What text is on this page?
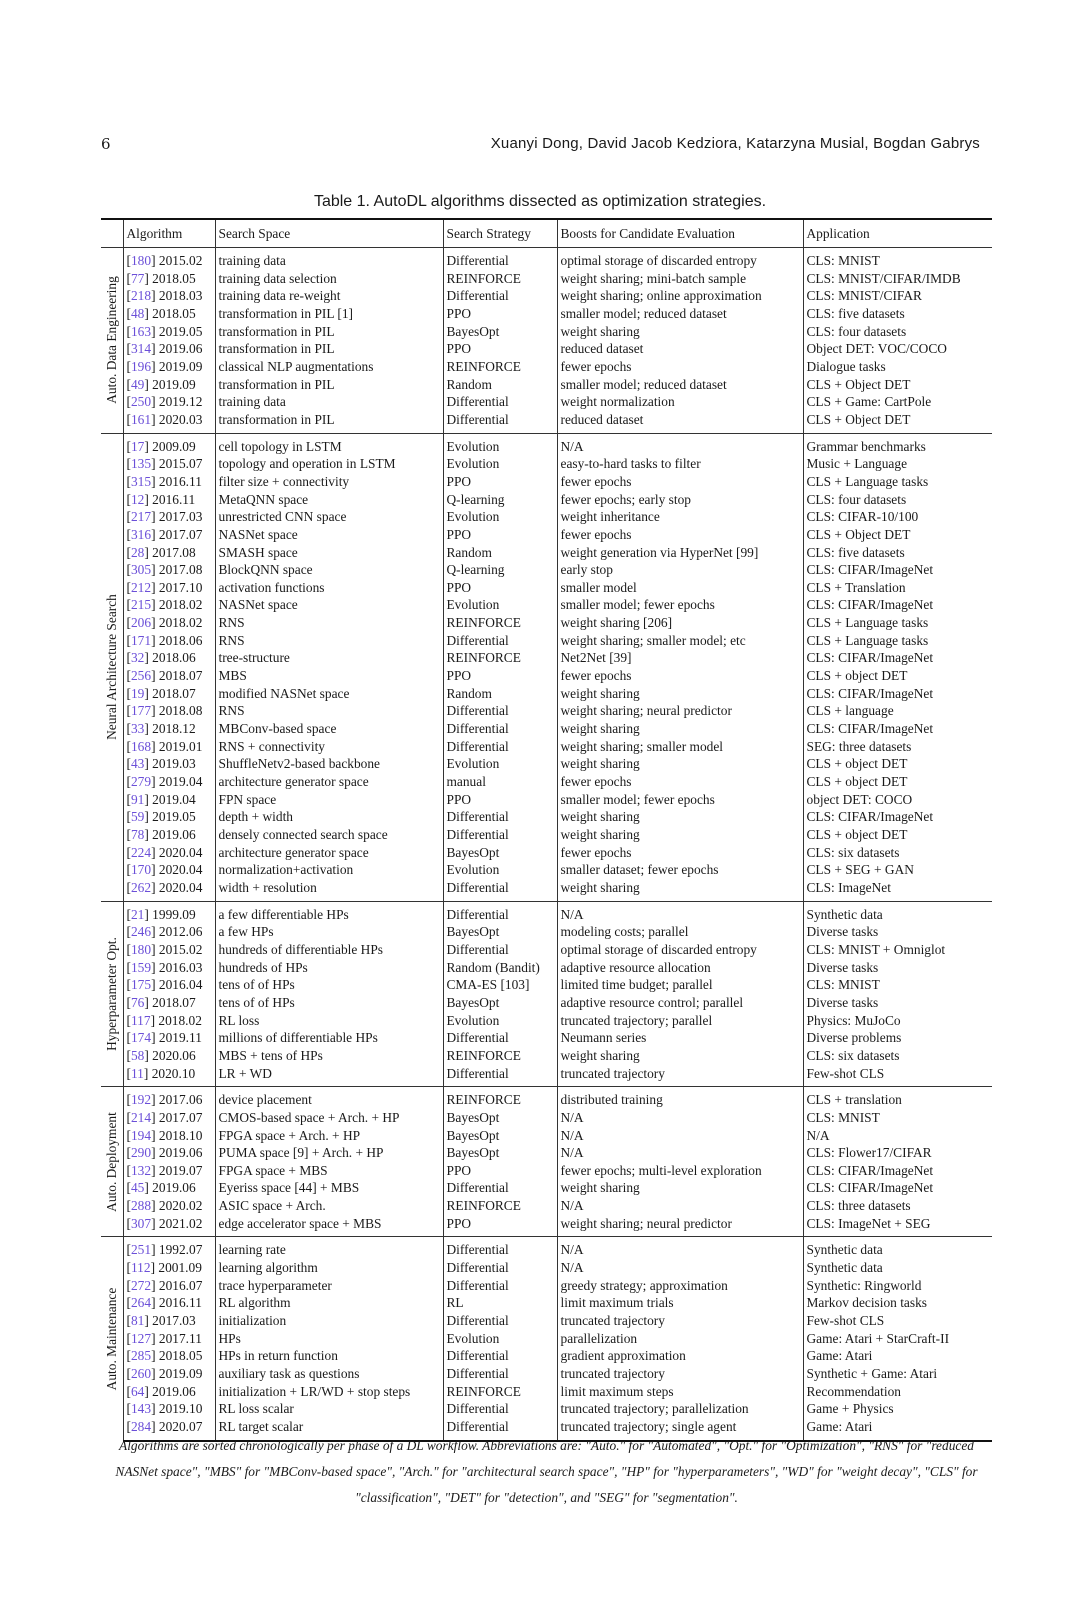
6	Xuanyi Dong, David Jacob Kedziora, Katarzyna Musial, Bogdan Gabrys
Table 1. AutoDL algorithms dissected as optimization strategies.
	Algorithm	Search Space	Search Strategy	Boosts for Candidate Evaluation	Application

Auto. Data Engineering	[180] 2015.02	training data	Differential	optimal storage of discarded entropy	CLS: MNIST
	[77] 2018.05	training data selection	REINFORCE	weight sharing; mini-batch sample	CLS: MNIST/CIFAR/IMDB
	[218] 2018.03	training data re-weight	Differential	weight sharing; online approximation	CLS: MNIST/CIFAR
	[48] 2018.05	transformation in PIL [1]	PPO	smaller model; reduced dataset	CLS: five datasets
	[163] 2019.05	transformation in PIL	BayesOpt	weight sharing	CLS: four datasets
	[314] 2019.06	transformation in PIL	PPO	reduced dataset	Object DET: VOC/COCO
	[196] 2019.09	classical NLP augmentations	REINFORCE	fewer epochs	Dialogue tasks
	[49] 2019.09	transformation in PIL	Random	smaller model; reduced dataset	CLS + Object DET
	[250] 2019.12	training data	Differential	weight normalization	CLS + Game: CartPole
	[161] 2020.03	transformation in PIL	Differential	reduced dataset	CLS + Object DET

Neural Architecture Search	[17] 2009.09	cell topology in LSTM	Evolution	N/A	Grammar benchmarks
	[135] 2015.07	topology and operation in LSTM	Evolution	easy-to-hard tasks to filter	Music + Language
	[315] 2016.11	filter size + connectivity	PPO	fewer epochs	CLS + Language tasks
	[12] 2016.11	MetaQNN space	Q-learning	fewer epochs; early stop	CLS: four datasets
	[217] 2017.03	unrestricted CNN space	Evolution	weight inheritance	CLS: CIFAR-10/100
	[316] 2017.07	NASNet space	PPO	fewer epochs	CLS + Object DET
	[28] 2017.08	SMASH space	Random	weight generation via HyperNet [99]	CLS: five datasets
	[305] 2017.08	BlockQNN space	Q-learning	early stop	CLS: CIFAR/ImageNet
	[212] 2017.10	activation functions	PPO	smaller model	CLS + Translation
	[215] 2018.02	NASNet space	Evolution	smaller model; fewer epochs	CLS: CIFAR/ImageNet
	[206] 2018.02	RNS	REINFORCE	weight sharing [206]	CLS + Language tasks
	[171] 2018.06	RNS	Differential	weight sharing; smaller model; etc	CLS + Language tasks
	[32] 2018.06	tree-structure	REINFORCE	Net2Net [39]	CLS: CIFAR/ImageNet
	[256] 2018.07	MBS	PPO	fewer epochs	CLS + object DET
	[19] 2018.07	modified NASNet space	Random	weight sharing	CLS: CIFAR/ImageNet
	[177] 2018.08	RNS	Differential	weight sharing; neural predictor	CLS + language
	[33] 2018.12	MBConv-based space	Differential	weight sharing	CLS: CIFAR/ImageNet
	[168] 2019.01	RNS + connectivity	Differential	weight sharing; smaller model	SEG: three datasets
	[43] 2019.03	ShuffleNetv2-based backbone	Evolution	weight sharing	CLS + object DET
	[279] 2019.04	architecture generator space	manual	fewer epochs	CLS + object DET
	[91] 2019.04	FPN space	PPO	smaller model; fewer epochs	object DET: COCO
	[59] 2019.05	depth + width	Differential	weight sharing	CLS: CIFAR/ImageNet
	[78] 2019.06	densely connected search space	Differential	weight sharing	CLS + object DET
	[224] 2020.04	architecture generator space	BayesOpt	fewer epochs	CLS: six datasets
	[170] 2020.04	normalization+activation	Evolution	smaller dataset; fewer epochs	CLS + SEG + GAN
	[262] 2020.04	width + resolution	Differential	weight sharing	CLS: ImageNet

Hyperparameter Opt.	[21] 1999.09	a few differentiable HPs	Differential	N/A	Synthetic data
	[246] 2012.06	a few HPs	BayesOpt	modeling costs; parallel	Diverse tasks
	[180] 2015.02	hundreds of differentiable HPs	Differential	optimal storage of discarded entropy	CLS: MNIST + Omniglot
	[159] 2016.03	hundreds of HPs	Random (Bandit)	adaptive resource allocation	Diverse tasks
	[175] 2016.04	tens of of HPs	CMA-ES [103]	limited time budget; parallel	CLS: MNIST
	[76] 2018.07	tens of of HPs	BayesOpt	adaptive resource control; parallel	Diverse tasks
	[117] 2018.02	RL loss	Evolution	truncated trajectory; parallel	Physics: MuJoCo
	[174] 2019.11	millions of differentiable HPs	Differential	Neumann series	Diverse problems
	[58] 2020.06	MBS + tens of HPs	REINFORCE	weight sharing	CLS: six datasets
	[11] 2020.10	LR + WD	Differential	truncated trajectory	Few-shot CLS

Auto. Deployment	[192] 2017.06	device placement	REINFORCE	distributed training	CLS + translation
	[214] 2017.07	CMOS-based space + Arch. + HP	BayesOpt	N/A	CLS: MNIST
	[194] 2018.10	FPGA space + Arch. + HP	BayesOpt	N/A	N/A
	[290] 2019.06	PUMA space [9] + Arch. + HP	BayesOpt	N/A	CLS: Flower17/CIFAR
	[132] 2019.07	FPGA space + MBS	PPO	fewer epochs; multi-level exploration	CLS: CIFAR/ImageNet
	[45] 2019.06	Eyeriss space [44] + MBS	Differential	weight sharing	CLS: CIFAR/ImageNet
	[288] 2020.02	ASIC space + Arch.	REINFORCE	N/A	CLS: three datasets
	[307] 2021.02	edge accelerator space + MBS	PPO	weight sharing; neural predictor	CLS: ImageNet + SEG

Auto. Maintenance	[251] 1992.07	learning rate	Differential	N/A	Synthetic data
	[112] 2001.09	learning algorithm	Differential	N/A	Synthetic data
	[272] 2016.07	trace hyperparameter	Differential	greedy strategy; approximation	Synthetic: Ringworld
	[264] 2016.11	RL algorithm	RL	limit maximum trials	Markov decision tasks
	[81] 2017.03	initialization	Differential	truncated trajectory	Few-shot CLS
	[127] 2017.11	HPs	Evolution	parallelization	Game: Atari + StarCraft-II
	[285] 2018.05	HPs in return function	Differential	gradient approximation	Game: Atari
	[260] 2019.09	auxiliary task as questions	Differential	truncated trajectory	Synthetic + Game: Atari
	[64] 2019.06	initialization + LR/WD + stop steps	REINFORCE	limit maximum steps	Recommendation
	[143] 2019.10	RL loss scalar	Differential	truncated trajectory; parallelization	Game + Physics
	[284] 2020.07	RL target scalar	Differential	truncated trajectory; single agent	Game: Atari
Algorithms are sorted chronologically per phase of a DL workflow. Abbreviations are: "Auto." for "Automated", "Opt." for "Optimization", "RNS" for "reduced NASNet space", "MBS" for "MBConv-based space", "Arch." for "architectural search space", "HP" for "hyperparameters", "WD" for "weight decay", "CLS" for "classification", "DET" for "detection", and "SEG" for "segmentation".
